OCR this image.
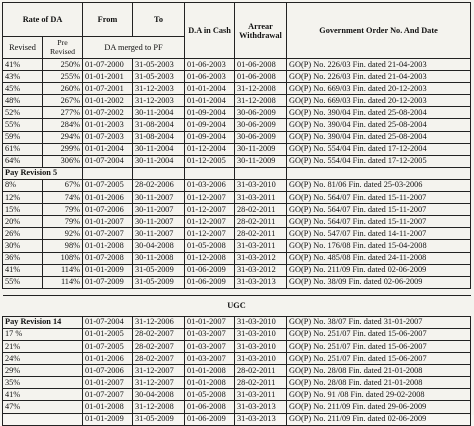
Rate of DA		From	To	D.A in Cash	Arrear Withdrawal	Government Order No. And Date
Revised	Pre Revised	DA merged to PF				
41%	250%	01-07-2000	31-05-2003	01-06-2003	01-06-2008	GO(P) No. 226/03 Fin. dated 21-04-2003
43%	255%	01-01-2001	31-05-2003	01-06-2003	01-06-2008	GO(P) No. 226/03 Fin. dated 21-04-2003
45%	260%	01-07-2001	31-12-2003	01-01-2004	31-12-2008	GO(P) No. 669/03 Fin. dated 20-12-2003
48%	267%	01-01-2002	31-12-2003	01-01-2004	31-12-2008	GO(P) No. 669/03 Fin. dated 20-12-2003
52%	277%	01-07-2002	30-11-2004	01-09-2004	30-06-2009	GO(P) No. 390/04 Fin. dated 25-08-2004
55%	284%	01-01-2003	31-08-2004	01-09-2004	30-06-2009	GO(P) No. 390/04 Fin. dated 25-08-2004
59%	294%	01-07-2003	31-08-2004	01-09-2004	30-06-2009	GO(P) No. 390/04 Fin. dated 25-08-2004
61%	299%	01-01-2004	30-11-2004	01-12-2004	30-11-2009	GO(P) No. 554/04 Fin. dated 17-12-2004
64%	306%	01-07-2004	30-11-2004	01-12-2005	30-11-2009	GO(P) No. 554/04 Fin. dated 17-12-2005
Pay Revision 5						
8%	67%	01-07-2005	28-02-2006	01-03-2006	31-03-2010	GO(P) No. 81/06 Fin. dated 25-03-2006
12%	74%	01-01-2006	30-11-2007	01-12-2007	31-03-2011	GO(P) No. 564/07 Fin. dated 15-11-2007
15%	79%	01-07-2006	30-11-2007	01-12-2007	28-02-2011	GO(P) No. 564/07 Fin. dated 15-11-2007
20%	79%	01-01-2007	30-11-2007	01-12-2007	28-02-2011	GO(P) No. 564/07 Fin. dated 15-11-2007
26%	92%	01-07-2007	30-11-2007	01-12-2007	28-02-2011	GO(P) No. 547/07 Fin. dated 14-11-2007
30%	98%	01-01-2008	30-04-2008	01-05-2008	31-03-2011	GO(P) No. 176/08 Fin. dated 15-04-2008
36%	108%	01-07-2008	30-11-2008	01-12-2008	31-03-2012	GO(P) No. 485/08 Fin. dated 24-11-2008
41%	114%	01-01-2009	31-05-2009	01-06-2009	31-03-2012	GO(P) No. 211/09 Fin. dated 02-06-2009
55%	114%	01-07-2009	31-05-2009	01-06-2009	31-03-2013	GO(P) No. 38/09 Fin. dated 02-06-2009

UGC						
Pay Revision 14		01-07-2004	31-12-2006	01-01-2007	31-03-2010	GO(P) No. 38/07 Fin. dated 31-01-2007
17 %		01-01-2005	28-02-2007	01-03-2007	31-03-2010	GO(P) No. 251/07 Fin. dated 15-06-2007
21%		01-07-2005	28-02-2007	01-03-2007	31-03-2010	GO(P) No. 251/07 Fin. dated 15-06-2007
24%		01-01-2006	28-02-2007	01-03-2007	31-03-2010	GO(P) No. 251/07 Fin. dated 15-06-2007
29%		01-07-2006	31-12-2007	01-01-2008	28-02-2011	GO(P) No. 28/08 Fin. dated 21-01-2008
35%		01-01-2007	31-12-2007	01-01-2008	28-02-2011	GO(P) No. 28/08 Fin. dated 21-01-2008
41%		01-07-2007	30-04-2008	01-05-2008	31-03-2011	GO(P) No. 91 /08 Fin. dated 29-02-2008
47%		01-01-2008	31-12-2008	01-06-2008	31-03-2013	GO(P) No. 211/09 Fin. dated 29-06-2009
		01-01-2009	31-05-2009	01-06-2009	31-03-2013	GO(P) No. 211/09 Fin. dated 02-06-2009
